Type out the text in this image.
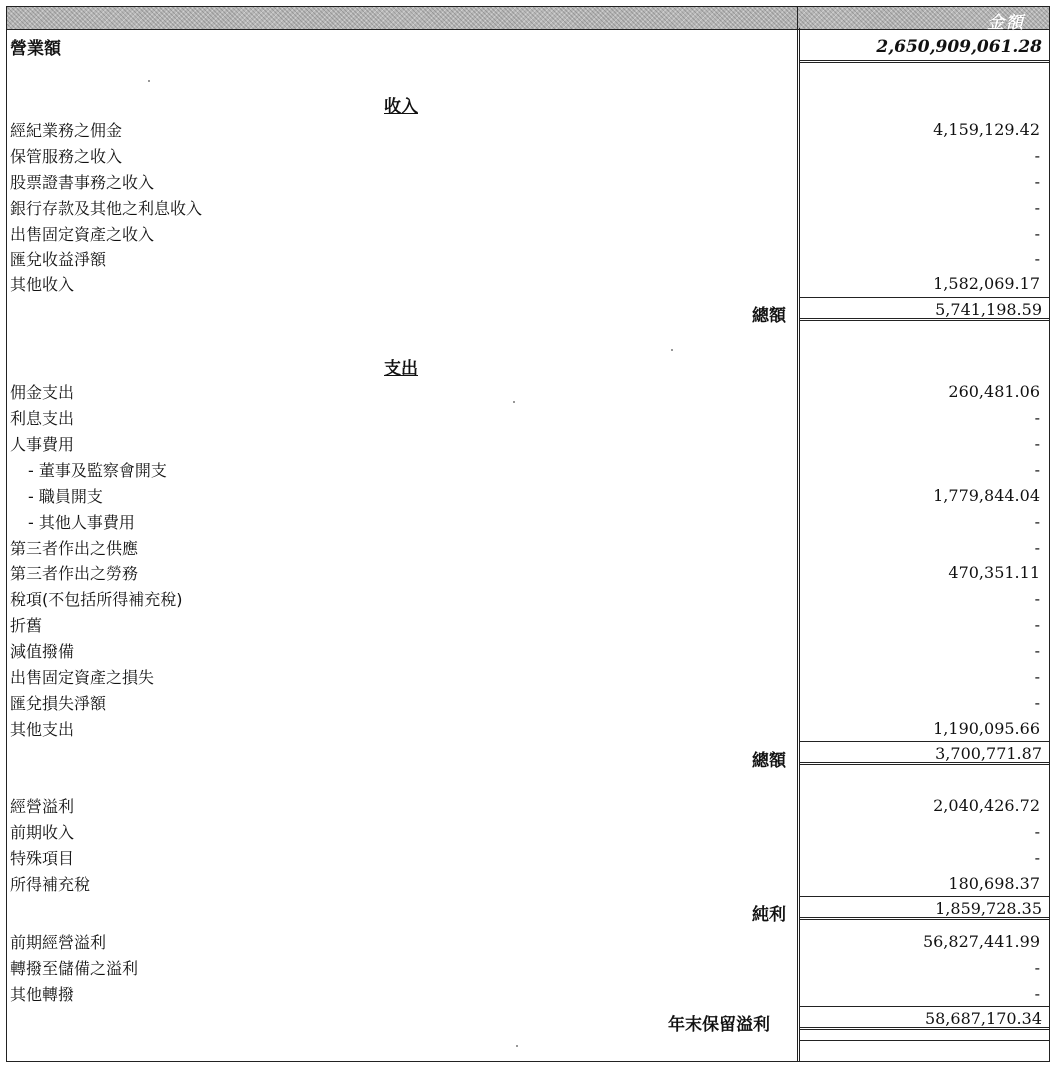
金額
營業額	2,650,909,061.28
收入
經紀業務之佣金	4,159,129.42
保管服務之收入	-
股票證書事務之收入	-
銀行存款及其他之利息收入	-
出售固定資產之收入	-
匯兌收益淨額	-
其他收入	1,582,069.17
總額	5,741,198.59
支出
佣金支出	260,481.06
利息支出	-
人事費用	-
- 董事及監察會開支	-
- 職員開支	1,779,844.04
- 其他人事費用	-
第三者作出之供應	-
第三者作出之勞務	470,351.11
稅項(不包括所得補充稅)	-
折舊	-
減值撥備	-
出售固定資產之損失	-
匯兌損失淨額	-
其他支出	1,190,095.66
總額	3,700,771.87
經營溢利	2,040,426.72
前期收入	-
特殊項目	-
所得補充稅	180,698.37
純利	1,859,728.35
前期經營溢利	56,827,441.99
轉撥至儲備之溢利	-
其他轉撥	-
年末保留溢利	58,687,170.34
